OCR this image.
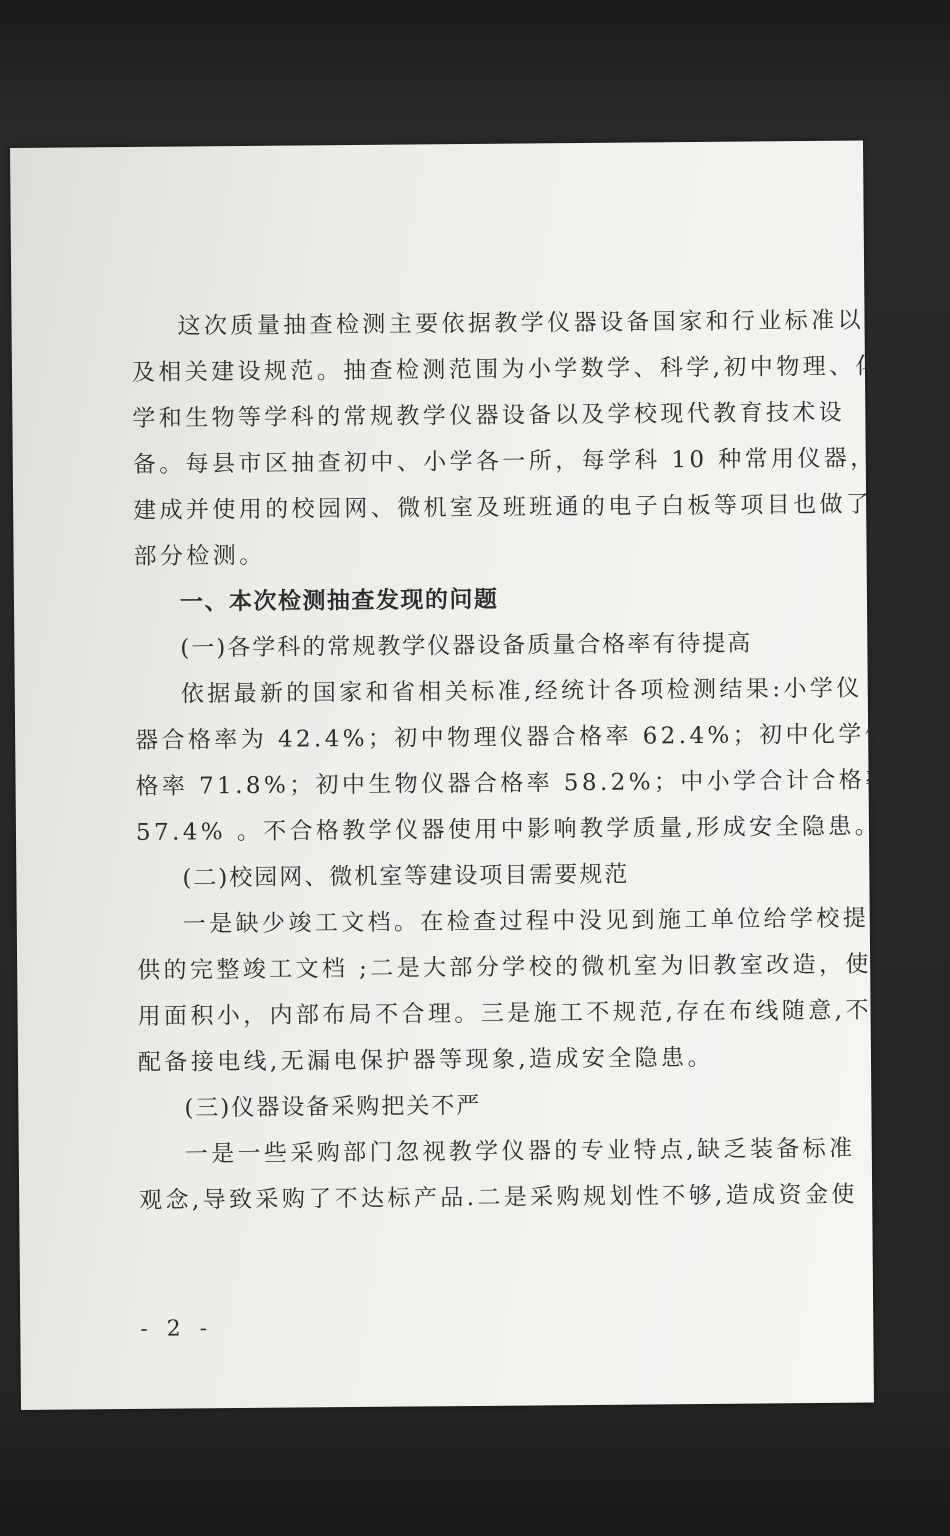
这次质量抽查检测主要依据教学仪器设备国家和行业标准以
及相关建设规范。抽查检测范围为小学数学、科学,初中物理、化
学和生物等学科的常规教学仪器设备以及学校现代教育技术设
备。每县市区抽查初中、小学各一所，每学科 10 种常用仪器，对
建成并使用的校园网、微机室及班班通的电子白板等项目也做了
部分检测。
一、本次检测抽查发现的问题
(一)各学科的常规教学仪器设备质量合格率有待提高
依据最新的国家和省相关标准,经统计各项检测结果:小学仪
器合格率为 42.4%；初中物理仪器合格率 62.4%；初中化学仪器合
格率 71.8%；初中生物仪器合格率 58.2%；中小学合计合格率
57.4% 。不合格教学仪器使用中影响教学质量,形成安全隐患。
(二)校园网、微机室等建设项目需要规范
一是缺少竣工文档。在检查过程中没见到施工单位给学校提
供的完整竣工文档 ;二是大部分学校的微机室为旧教室改造，使
用面积小，内部布局不合理。三是施工不规范,存在布线随意,不
配备接电线,无漏电保护器等现象,造成安全隐患。
(三)仪器设备采购把关不严
一是一些采购部门忽视教学仪器的专业特点,缺乏装备标准
观念,导致采购了不达标产品.二是采购规划性不够,造成资金使
- 2 -
